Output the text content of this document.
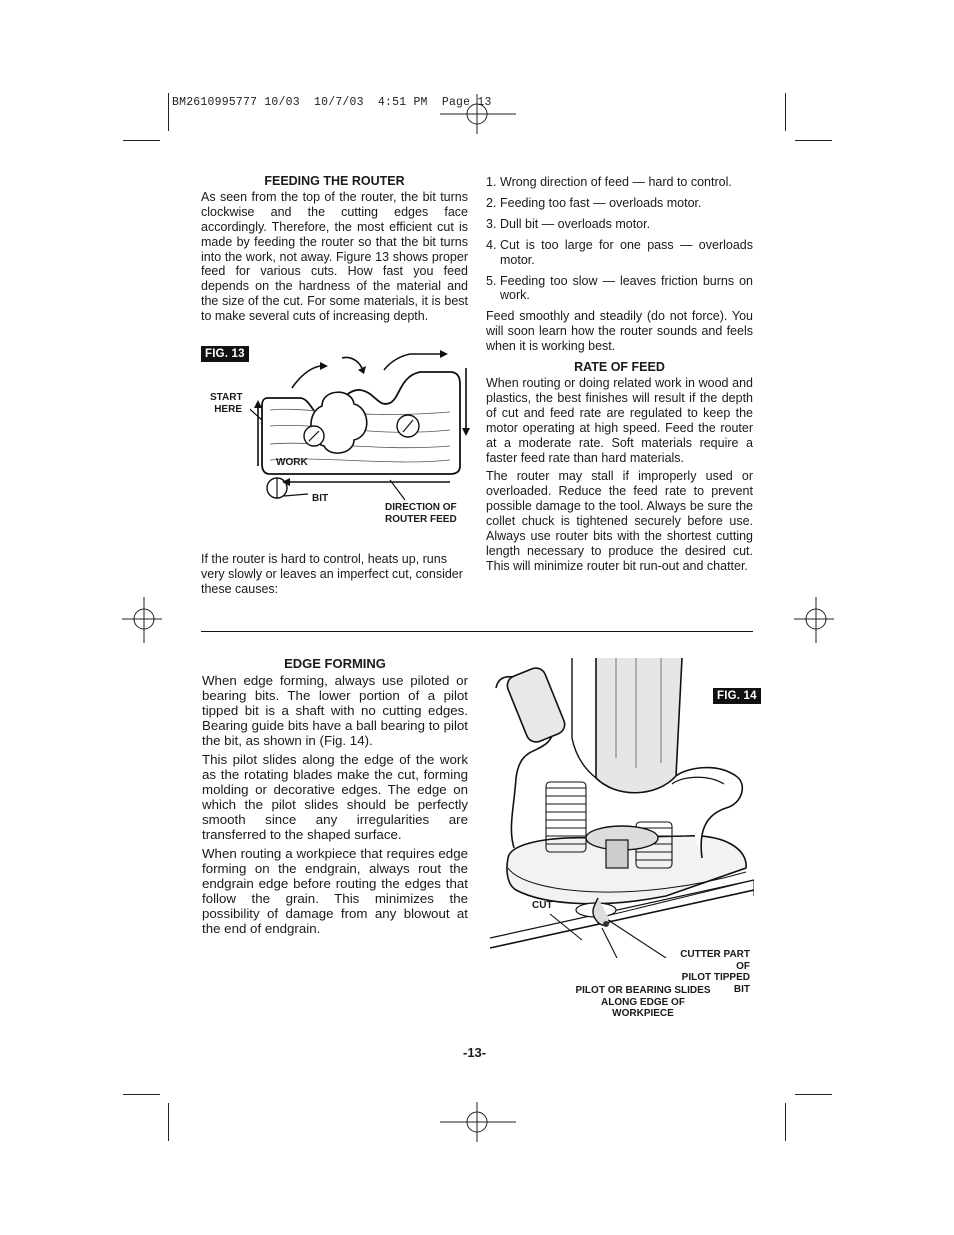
BM2610995777 10/03  10/7/03  4:51 PM  Page 13
FEEDING THE ROUTER

As seen from the top of the router, the bit turns clockwise and the cutting edges face accordingly. Therefore, the most efficient cut is made by feeding the router so that the bit turns into the work, not away. Figure 13 shows proper feed for various cuts. How fast you feed depends on the hardness of the material and the size of the cut. For some materials, it is best to make several cuts of increasing depth.

FIG. 13
START
HERE
WORK
BIT
DIRECTION OF
ROUTER FEED

If the router is hard to control, heats up, runs very slowly or leaves an imperfect cut, consider these causes:

1. Wrong direction of feed — hard to control.
2. Feeding too fast — overloads motor.
3. Dull bit — overloads motor.
4. Cut is too large for one pass — overloads motor.
5. Feeding too slow — leaves friction burns on work.

Feed smoothly and steadily (do not force). You will soon learn how the router sounds and feels when it is working best.

RATE OF FEED

When routing or doing related work in wood and plastics, the best finishes will result if the depth of cut and feed rate are regulated to keep the motor operating at high speed. Feed the router at a moderate rate. Soft materials require a faster feed rate than hard materials.

The router may stall if improperly used or overloaded. Reduce the feed rate to prevent possible damage to the tool. Always be sure the collet chuck is tightened securely before use. Always use router bits with the shortest cutting length necessary to produce the desired cut. This will minimize router bit run-out and chatter.

EDGE FORMING

When edge forming, always use piloted or bearing bits. The lower portion of a pilot tipped bit is a shaft with no cutting edges. Bearing guide bits have a ball bearing to pilot the bit, as shown in (Fig. 14).

This pilot slides along the edge of the work as the rotating blades make the cut, forming molding or decorative edges. The edge on which the pilot slides should be perfectly smooth since any irregularities are transferred to the shaped surface.

When routing a workpiece that requires edge forming on the endgrain, always rout the endgrain edge before routing the edges that follow the grain. This minimizes the possibility of damage from any blowout at the end of endgrain.

FIG. 14
CUT
CUTTER PART OF
PILOT TIPPED BIT
PILOT OR BEARING SLIDES
ALONG EDGE OF WORKPIECE
-13-
